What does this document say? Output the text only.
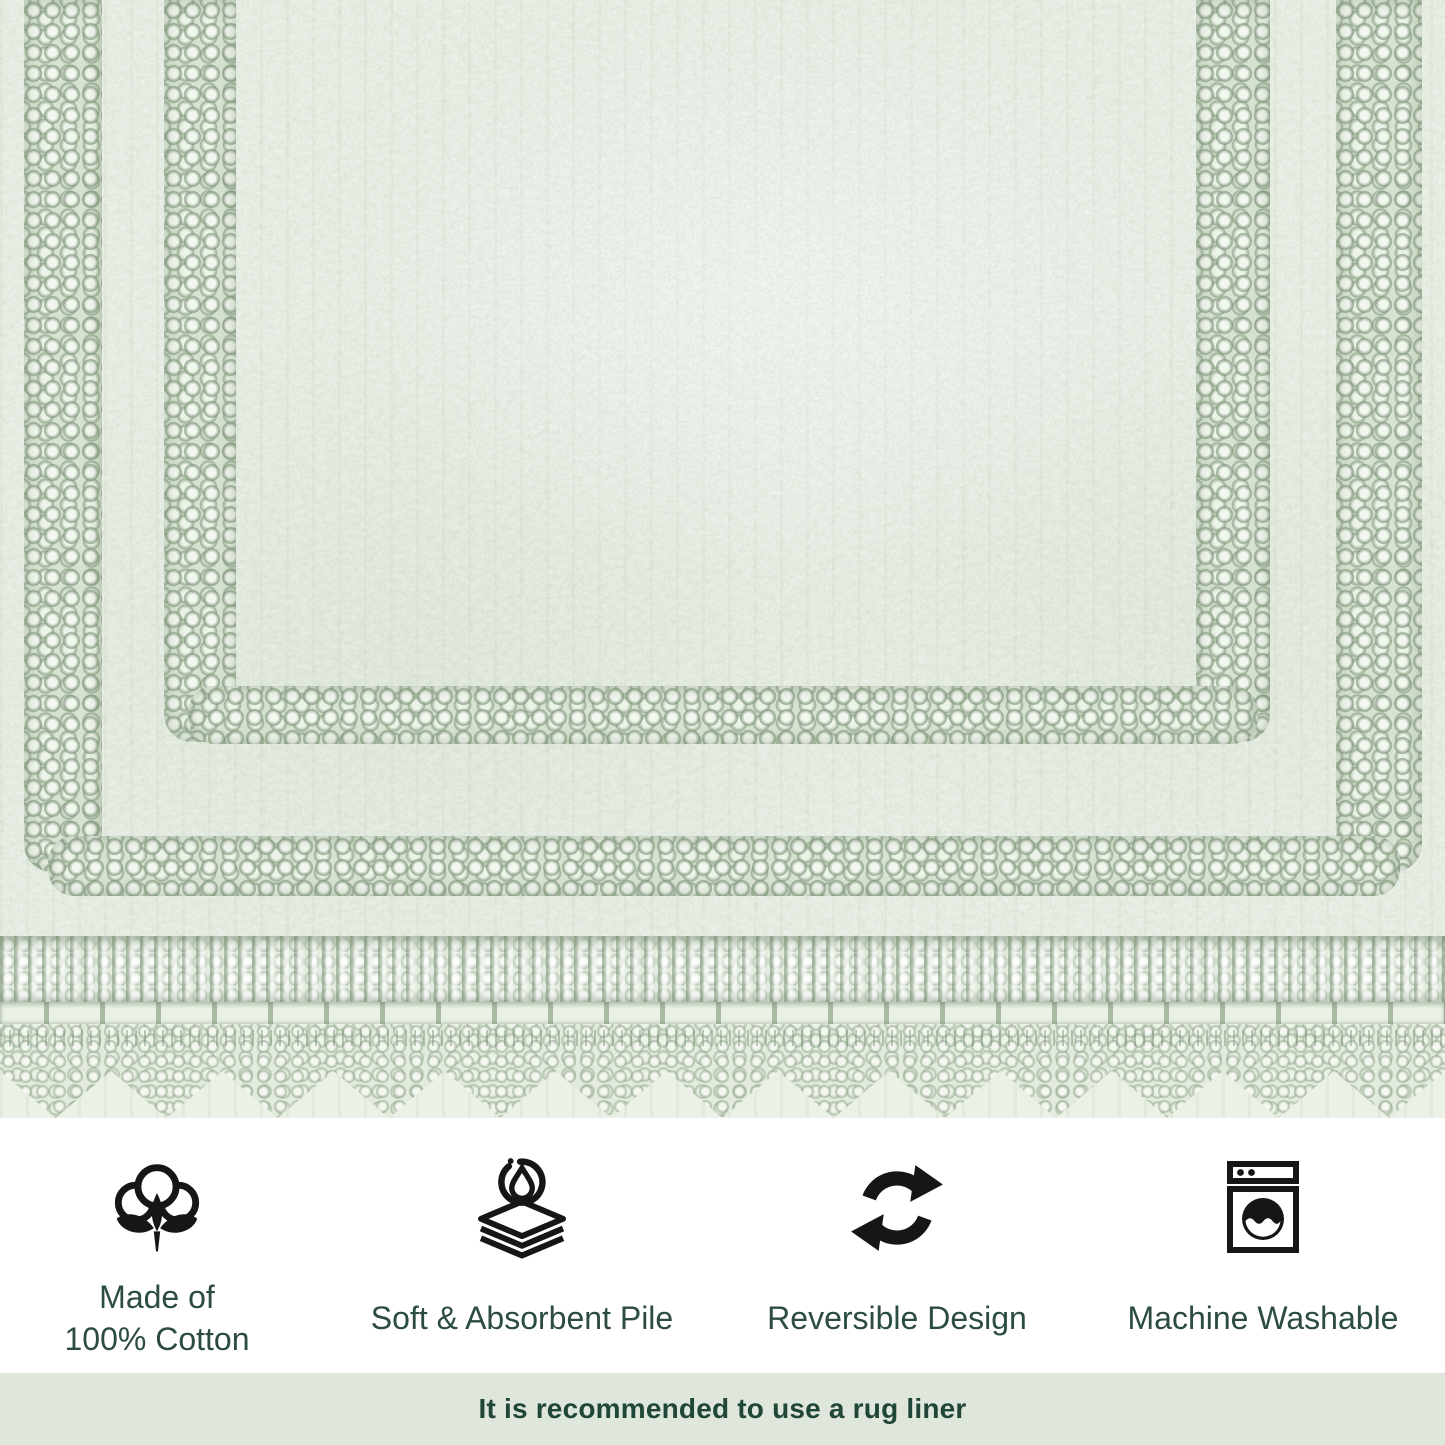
Made of
100% Cotton
Soft & Absorbent Pile	Reversible Design	Machine Washable
It is recommended to use a rug liner
